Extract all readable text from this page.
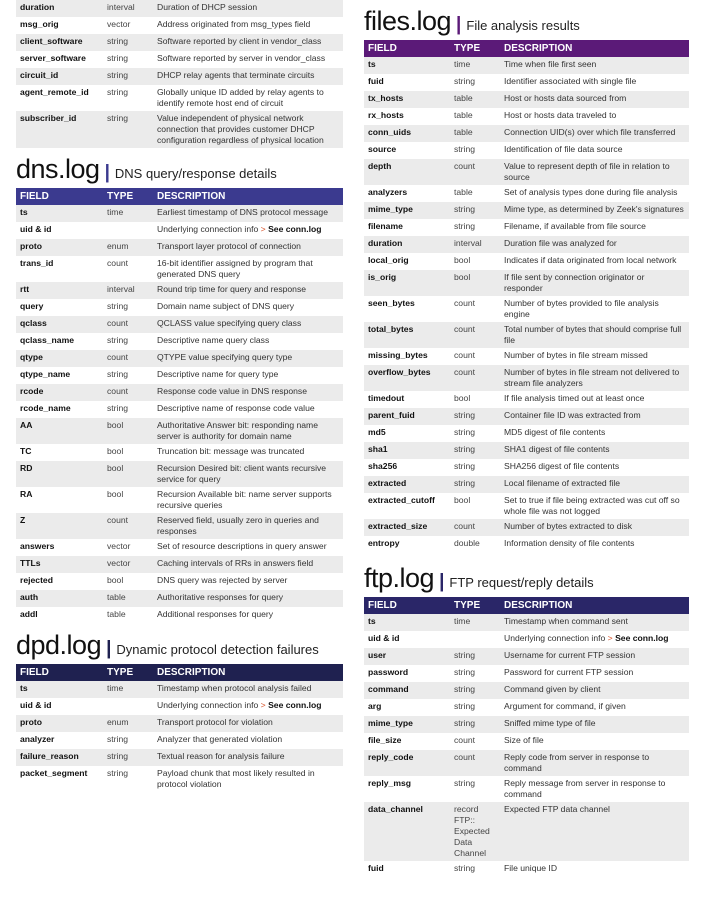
duration	interval	Duration of DHCP session
msg_orig	vector	Address originated from msg_types field
client_software	string	Software reported by client in vendor_class
server_software	string	Software reported by server in vendor_class
circuit_id	string	DHCP relay agents that terminate circuits
agent_remote_id	string	Globally unique ID added by relay agents to identify remote host end of circuit
subscriber_id	string	Value independent of physical network connection that provides customer DHCP configuration regardless of physical location
dns.log | DNS query/response details
FIELD	TYPE	DESCRIPTION
ts	time	Earliest timestamp of DNS protocol message
uid & id		Underlying connection info > See conn.log
proto	enum	Transport layer protocol of connection
trans_id	count	16-bit identifier assigned by program that generated DNS query
rtt	interval	Round trip time for query and response
query	string	Domain name subject of DNS query
qclass	count	QCLASS value specifying query class
qclass_name	string	Descriptive name query class
qtype	count	QTYPE value specifying query type
qtype_name	string	Descriptive name for query type
rcode	count	Response code value in DNS response
rcode_name	string	Descriptive name of response code value
AA	bool	Authoritative Answer bit: responding name server is authority for domain name
TC	bool	Truncation bit: message was truncated
RD	bool	Recursion Desired bit: client wants recursive service for query
RA	bool	Recursion Available bit: name server supports recursive queries
Z	count	Reserved field, usually zero in queries and responses
answers	vector	Set of resource descriptions in query answer
TTLs	vector	Caching intervals of RRs in answers field
rejected	bool	DNS query was rejected by server
auth	table	Authoritative responses for query
addl	table	Additional responses for query
dpd.log | Dynamic protocol detection failures
FIELD	TYPE	DESCRIPTION
ts	time	Timestamp when protocol analysis failed
uid & id		Underlying connection info > See conn.log
proto	enum	Transport protocol for violation
analyzer	string	Analyzer that generated violation
failure_reason	string	Textual reason for analysis failure
packet_segment	string	Payload chunk that most likely resulted in protocol violation
files.log | File analysis results
FIELD	TYPE	DESCRIPTION
ts	time	Time when file first seen
fuid	string	Identifier associated with single file
tx_hosts	table	Host or hosts data sourced from
rx_hosts	table	Host or hosts data traveled to
conn_uids	table	Connection UID(s) over which file transferred
source	string	Identification of file data source
depth	count	Value to represent depth of file in relation to source
analyzers	table	Set of analysis types done during file analysis
mime_type	string	Mime type, as determined by Zeek's signatures
filename	string	Filename, if available from file source
duration	interval	Duration file was analyzed for
local_orig	bool	Indicates if data originated from local network
is_orig	bool	If file sent by connection originator or responder
seen_bytes	count	Number of bytes provided to file analysis engine
total_bytes	count	Total number of bytes that should comprise full file
missing_bytes	count	Number of bytes in file stream missed
overflow_bytes	count	Number of bytes in file stream not delivered to stream file analyzers
timedout	bool	If file analysis timed out at least once
parent_fuid	string	Container file ID was extracted from
md5	string	MD5 digest of file contents
sha1	string	SHA1 digest of file contents
sha256	string	SHA256 digest of file contents
extracted	string	Local filename of extracted file
extracted_cutoff	bool	Set to true if file being extracted was cut off so whole file was not logged
extracted_size	count	Number of bytes extracted to disk
entropy	double	Information density of file contents
ftp.log | FTP request/reply details
FIELD	TYPE	DESCRIPTION
ts	time	Timestamp when command sent
uid & id		Underlying connection info > See conn.log
user	string	Username for current FTP session
password	string	Password for current FTP session
command	string	Command given by client
arg	string	Argument for command, if given
mime_type	string	Sniffed mime type of file
file_size	count	Size of file
reply_code	count	Reply code from server in response to command
reply_msg	string	Reply message from server in response to command
data_channel	record FTP:: Expected Data Channel	Expected FTP data channel
fuid	string	File unique ID
